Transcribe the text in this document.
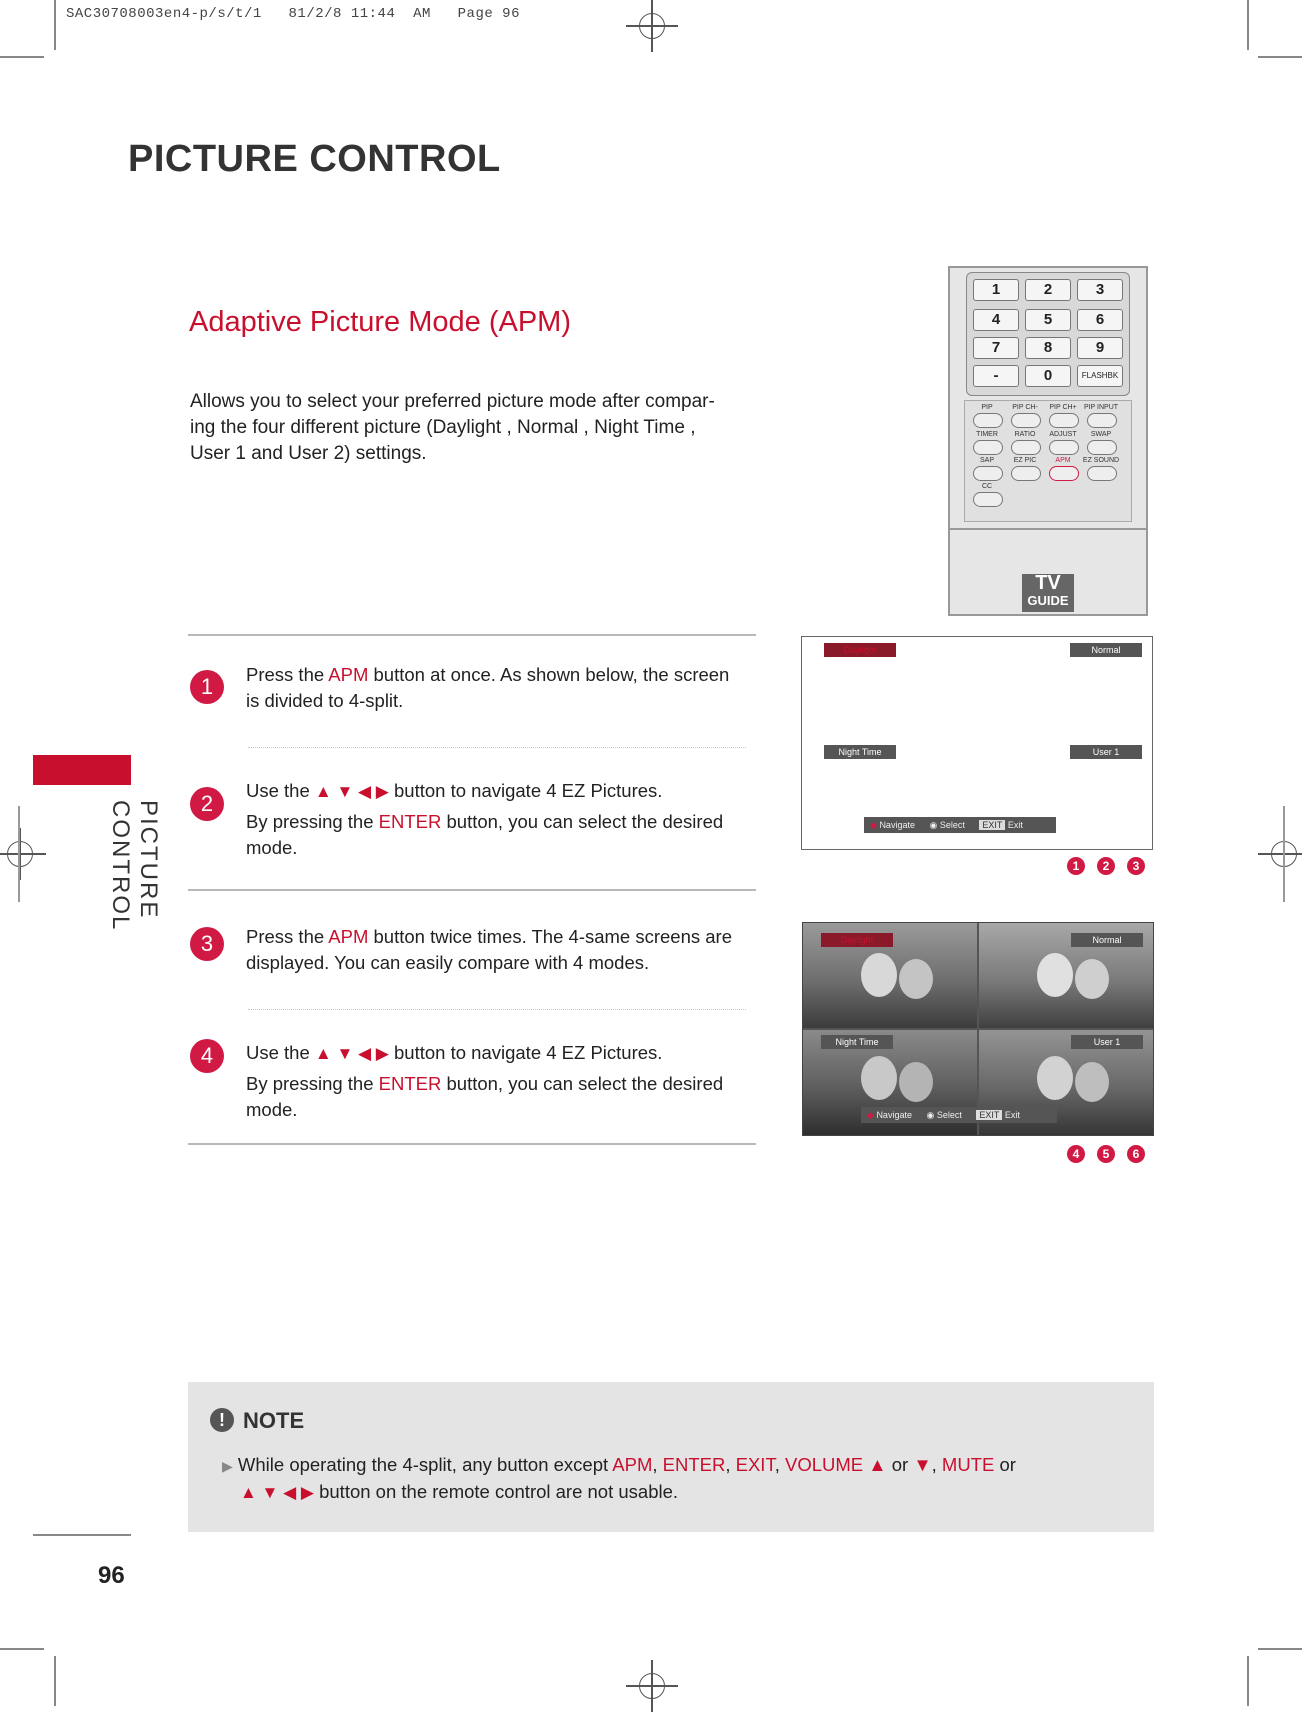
SAC30708003en4-p/s/t/1   81/2/8 11:44  AM   Page 96
PICTURE CONTROL
PICTURE CONTROL
Adaptive Picture Mode (APM)
Allows you to select your preferred picture mode after compar-
ing the four different picture (Daylight , Normal , Night Time ,
User 1 and User 2) settings.
1	2	3
4	5	6
7	8	9
-	0	FLASHBK
PIP	PIP CH-	PIP CH+	PIP INPUT
TIMER	RATIO	ADJUST	SWAP
SAP	EZ PIC	APM	EZ SOUND
CC
TV
GUIDE
1	Press the APM button at once. As shown below, the screen
is divided to 4-split.
2
Use the ▲ ▼ ◀ ▶ button to navigate 4 EZ Pictures.
By pressing the ENTER button, you can select the desired
mode.
3	Press the APM button twice times. The 4-same screens are
displayed. You can easily compare with 4 modes.
4	Use the ▲ ▼ ◀ ▶ button to navigate 4 EZ Pictures.
By pressing the ENTER button, you can select the desired
mode.
Daylight	Normal
Night Time	User 1
◆ Navigate ◉ Select EXIT Exit
1	2	3
Daylight	Normal
Night Time	User 1
◆ Navigate ◉ Select EXIT Exit
4	5	6
! NOTE
▶ While operating the 4-split, any button except APM, ENTER, EXIT, VOLUME ▲ or ▼, MUTE or
▲ ▼ ◀ ▶ button on the remote control are not usable.
96
